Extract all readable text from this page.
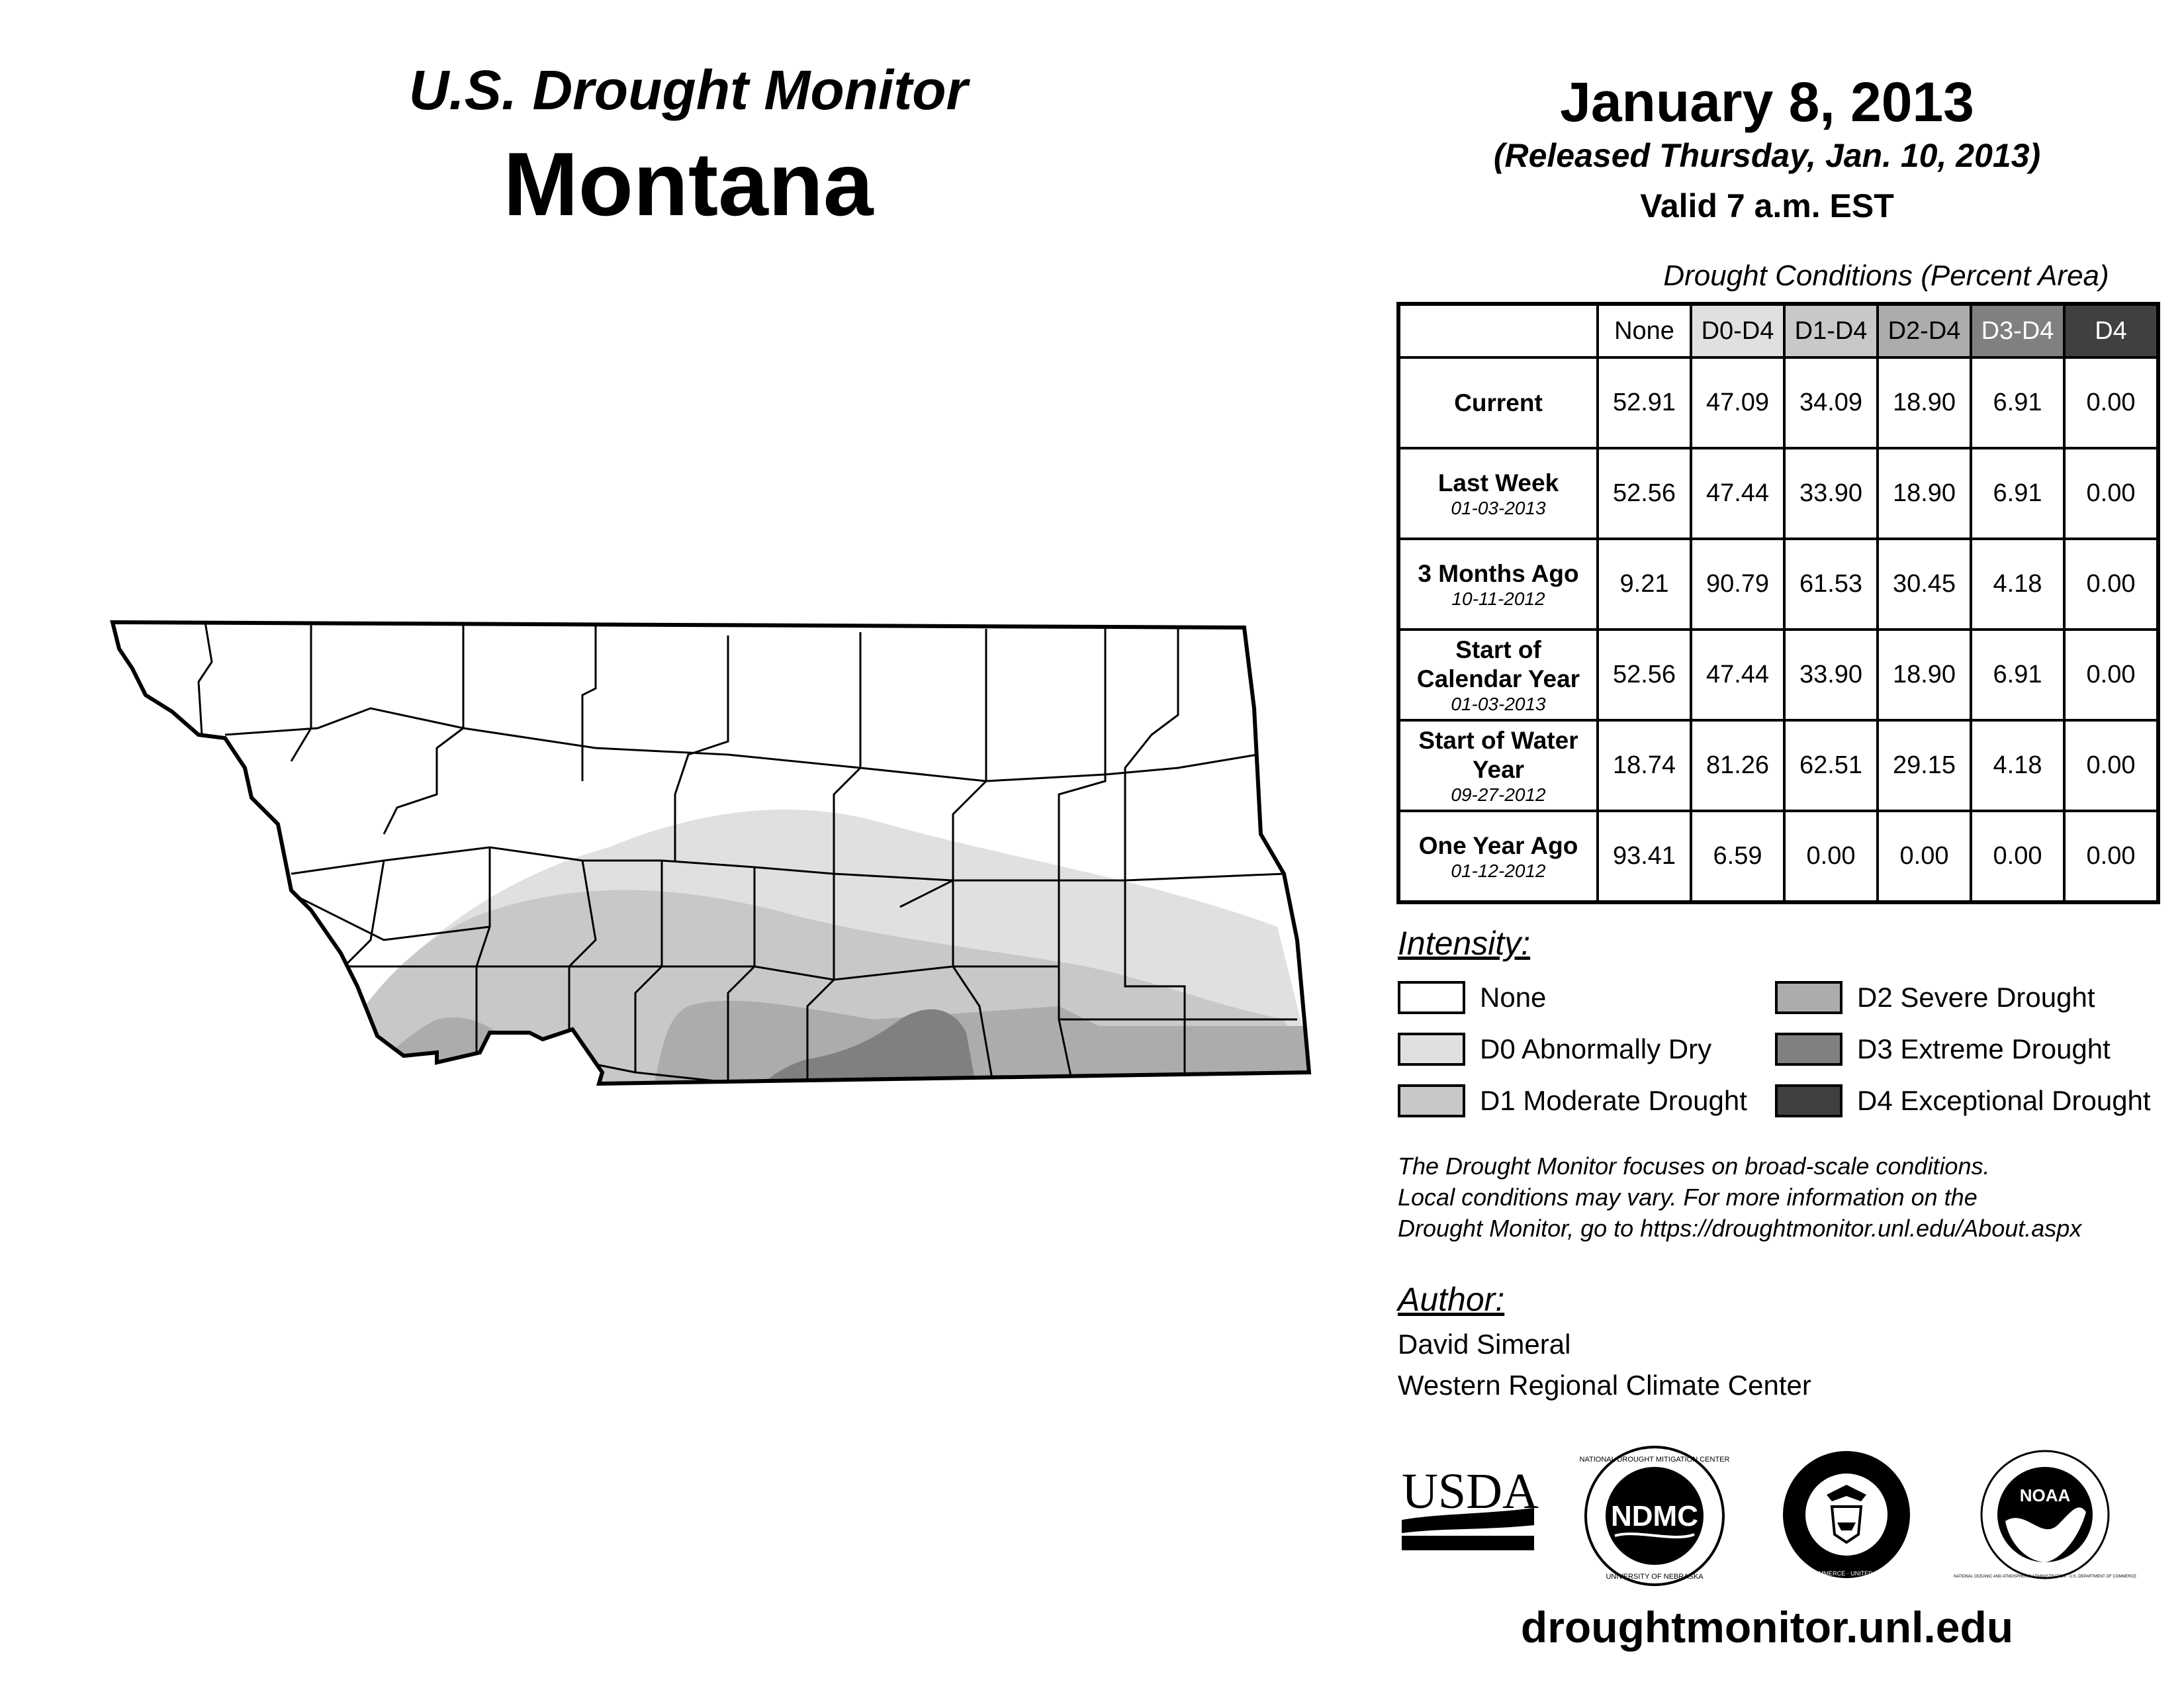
U.S. Drought Monitor
Montana
January 8, 2013
(Released Thursday, Jan. 10, 2013)
Valid 7 a.m. EST
Drought Conditions (Percent Area)
	None	D0-D4	D1-D4	D2-D4	D3-D4	D4

Current	52.91	47.09	34.09	18.90	6.91	0.00

Last Week
01-03-2013	52.56	47.44	33.90	18.90	6.91	0.00

3 Months Ago
10-11-2012	9.21	90.79	61.53	30.45	4.18	0.00

Start of Calendar Year
01-03-2013	52.56	47.44	33.90	18.90	6.91	0.00

Start of Water Year
09-27-2012	18.74	81.26	62.51	29.15	4.18	0.00

One Year Ago
01-12-2012	93.41	6.59	0.00	0.00	0.00	0.00
Intensity:
None
D0 Abnormally Dry
D1 Moderate Drought
D2 Severe Drought
D3 Extreme Drought
D4 Exceptional Drought
The Drought Monitor focuses on broad-scale conditions.
Local conditions may vary. For more information on the
Drought Monitor, go to https://droughtmonitor.unl.edu/About.aspx
Author:
David Simeral
Western Regional Climate Center
USDA NDMC
NATIONAL DROUGHT MITIGATION CENTER
UNIVERSITY OF NEBRASKA	DEPARTMENT OF COMMERCE · UNITED STATES OF AMERICA
NOAA
NATIONAL OCEANIC AND ATMOSPHERIC ADMINISTRATION · U.S. DEPARTMENT OF COMMERCE
droughtmonitor.unl.edu
